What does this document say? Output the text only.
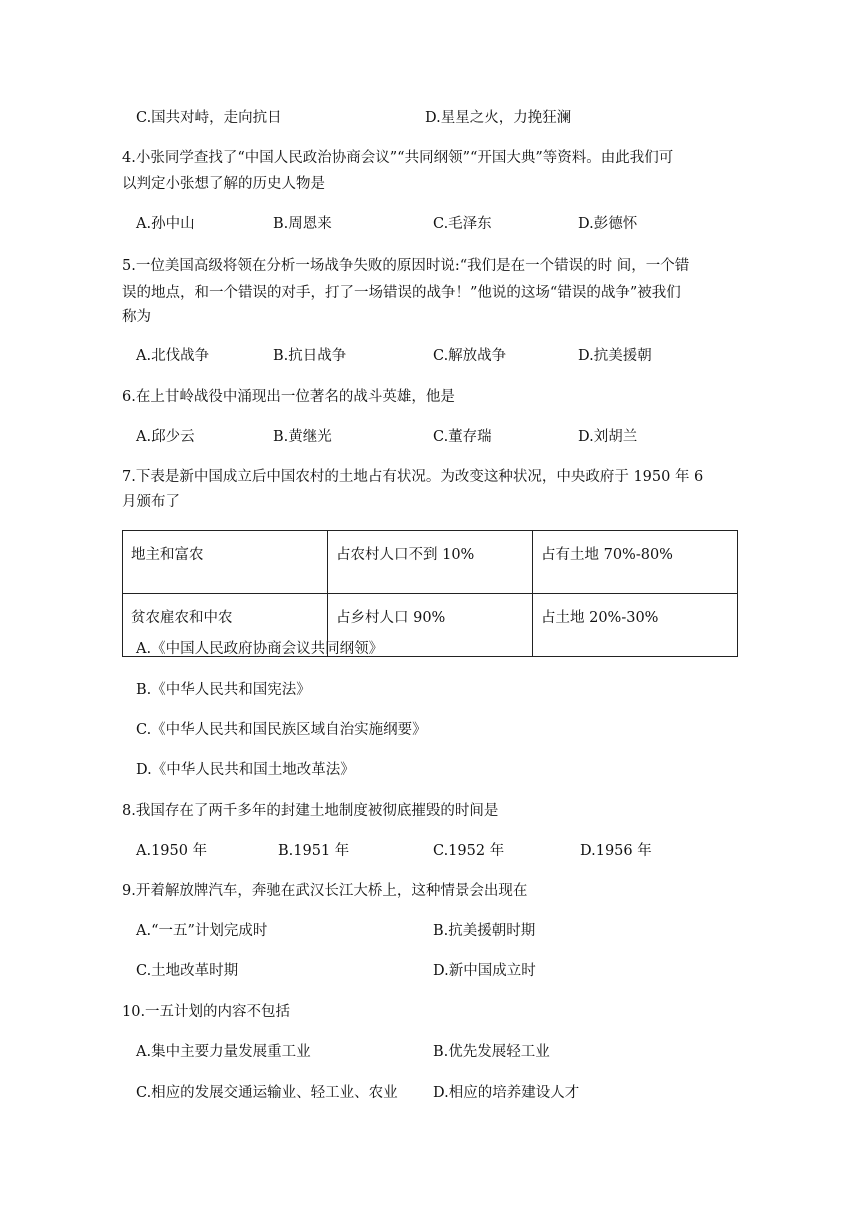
C.国共对峙，走向抗日	D.星星之火，力挽狂澜
4.小张同学查找了“中国人民政治协商会议”“共同纲领”“开国大典”等资料。由此我们可
以判定小张想了解的历史人物是
A.孙中山	B.周恩来	C.毛泽东	D.彭德怀
5.一位美国高级将领在分析一场战争失败的原因时说:“我们是在一个错误的时 间，一个错
误的地点，和一个错误的对手，打了一场错误的战争！”他说的这场“错误的战争”被我们
称为
A.北伐战争	B.抗日战争	C.解放战争	D.抗美援朝
6.在上甘岭战役中涌现出一位著名的战斗英雄，他是
A.邱少云	B.黄继光	C.董存瑞	D.刘胡兰
7.下表是新中国成立后中国农村的土地占有状况。为改变这种状况，中央政府于 1950 年 6
月颁布了
地主和富农	占农村人口不到 10%	占有土地 70%-80%
贫农雇农和中农	占乡村人口 90%	占土地 20%-30%
A.《中国人民政府协商会议共同纲领》
B.《中华人民共和国宪法》
C.《中华人民共和国民族区域自治实施纲要》
D.《中华人民共和国土地改革法》
8.我国存在了两千多年的封建土地制度被彻底摧毁的时间是
A.1950 年	B.1951 年	C.1952 年	D.1956 年
9.开着解放牌汽车，奔驰在武汉长江大桥上，这种情景会出现在
A.“一五”计划完成时	B.抗美援朝时期
C.土地改革时期	D.新中国成立时
10.一五计划的内容不包括
A.集中主要力量发展重工业	B.优先发展轻工业
C.相应的发展交通运输业、轻工业、农业 D.相应的培养建设人才
